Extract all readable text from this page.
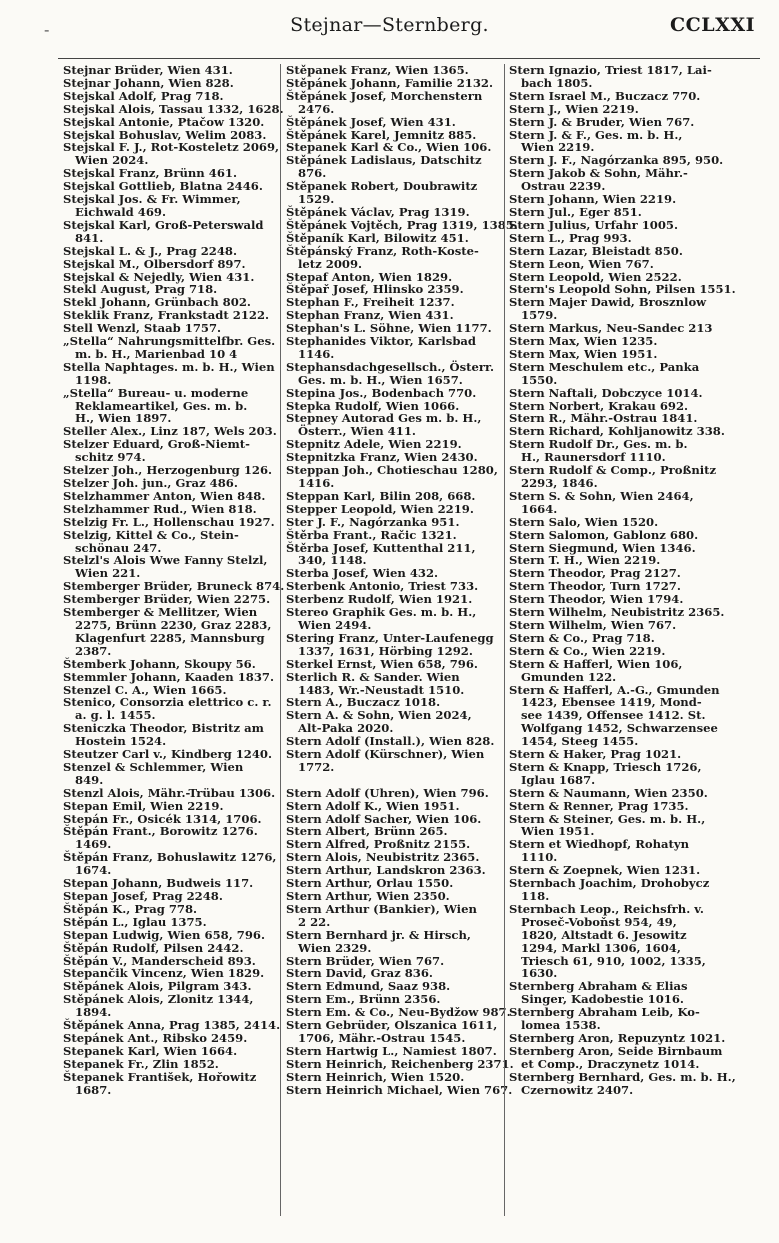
-	Stejnar—Sternberg.	CCLXXI
Stejnar Brüder, Wien 431.
Stejnar Johann, Wien 828.
Stejskal Adolf, Prag 718.
Stejskal Alois, Tassau 1332, 1628.
Stejskal Antonie, Ptačow 1320.
Stejskal Bohuslav, Welim 2083.
Stejskal F. J., Rot-Kosteletz 2069,
Wien 2024.
Stejskal Franz, Brünn 461.
Stejskal Gottlieb, Blatna 2446.
Stejskal Jos. & Fr. Wimmer,
Eichwald 469.
Stejskal Karl, Groß-Peterswald
841.
Stejskal L. & J., Prag 2248.
Stejskal M., Olbersdorf 897.
Stejskal & Nejedly, Wien 431.
Stekl August, Prag 718.
Stekl Johann, Grünbach 802.
Steklik Franz, Frankstadt 2122.
Stell Wenzl, Staab 1757.
„Stella“ Nahrungsmittelfbr. Ges.
m. b. H., Marienbad 10 4
Stella Naphtages. m. b. H., Wien
1198.
„Stella“ Bureau- u. moderne
Reklameartikel, Ges. m. b.
H., Wien 1897.
Steller Alex., Linz 187, Wels 203.
Stelzer Eduard, Groß-Niemt-
schitz 974.
Stelzer Joh., Herzogenburg 126.
Stelzer Joh. jun., Graz 486.
Stelzhammer Anton, Wien 848.
Stelzhammer Rud., Wien 818.
Stelzig Fr. L., Hollenschau 1927.
Stelzig, Kittel & Co., Stein-
schönau 247.
Stelzl's Alois Wwe Fanny Stelzl,
Wien 221.
Stemberger Brüder, Bruneck 874.
Stemberger Brüder, Wien 2275.
Stemberger & Mellitzer, Wien
2275, Brünn 2230, Graz 2283,
Klagenfurt 2285, Mannsburg
2387.
Štemberk Johann, Skoupy 56.
Stemmler Johann, Kaaden 1837.
Stenzel C. A., Wien 1665.
Stenico, Consorzia elettrico c. r.
a. g. l. 1455.
Steniczka Theodor, Bistritz am
Hostein 1524.
Steutzer Carl v., Kindberg 1240.
Stenzel & Schlemmer, Wien
849.
Stenzl Alois, Mähr.-Trübau 1306.
Stepan Emil, Wien 2219.
Stepán Fr., Osicék 1314, 1706.
Štěpán Frant., Borowitz 1276.
1469.
Štěpán Franz, Bohuslawitz 1276,
1674.
Stepan Johann, Budweis 117.
Stepan Josef, Prag 2248.
Štěpán K., Prag 778.
Stěpán L., Iglau 1375.
Stepan Ludwig, Wien 658, 796.
Štěpán Rudolf, Pilsen 2442.
Štěpán V., Manderscheid 893.
Stepančik Vincenz, Wien 1829.
Stěpánek Alois, Pilgram 343.
Stěpánek Alois, Zlonitz 1344,
1894.
Štěpánek Anna, Prag 1385, 2414.
Stepánek Ant., Ribsko 2459.
Stepanek Karl, Wien 1664.
Stepanek Fr., Zlin 1852.
Štepanek František, Hořowitz
1687.
Stěpanek Franz, Wien 1365.
Stěpánek Johann, Familie 2132.
Štěpánek Josef, Morchenstern
2476.
Štěpánek Josef, Wien 431.
Štěpánek Karel, Jemnitz 885.
Stepanek Karl & Co., Wien 106.
Stěpánek Ladislaus, Datschitz
876.
Stěpanek Robert, Doubrawitz
1529.
Štěpánek Václav, Prag 1319.
Štěpánek Vojtěch, Prag 1319, 1385.
Štěpaník Karl, Bilowitz 451.
Štěpánský Franz, Roth-Koste-
letz 2009.
Stepaf Anton, Wien 1829.
Štěpař Josef, Hlinsko 2359.
Stephan F., Freiheit 1237.
Stephan Franz, Wien 431.
Stephan's L. Söhne, Wien 1177.
Stephanides Viktor, Karlsbad
1146.
Stephansdachgesellsch., Österr.
Ges. m. b. H., Wien 1657.
Stepina Jos., Bodenbach 770.
Stepka Rudolf, Wien 1066.
Stepney Autorad Ges m. b. H.,
Österr., Wien 411.
Stepnitz Adele, Wien 2219.
Stepnitzka Franz, Wien 2430.
Steppan Joh., Chotieschau 1280,
1416.
Steppan Karl, Bilin 208, 668.
Stepper Leopold, Wien 2219.
Ster J. F., Nagórzanka 951.
Štěrba Frant., Račic 1321.
Štěrba Josef, Kuttenthal 211,
340, 1148.
Sterba Josef, Wien 432.
Sterbenk Antonio, Triest 733.
Sterbenz Rudolf, Wien 1921.
Stereo Graphik Ges. m. b. H.,
Wien 2494.
Stering Franz, Unter-Laufenegg
1337, 1631, Hörbing 1292.
Sterkel Ernst, Wien 658, 796.
Sterlich R. & Sander. Wien
1483, Wr.-Neustadt 1510.
Stern A., Buczacz 1018.
Stern A. & Sohn, Wien 2024,
Alt-Paka 2020.
Stern Adolf (Install.), Wien 828.
Stern Adolf (Kürschner), Wien
1772.

Stern Adolf (Uhren), Wien 796.
Stern Adolf K., Wien 1951.
Stern Adolf Sacher, Wien 106.
Stern Albert, Brünn 265.
Stern Alfred, Proßnitz 2155.
Stern Alois, Neubistritz 2365.
Stern Arthur, Landskron 2363.
Stern Arthur, Orlau 1550.
Stern Arthur, Wien 2350.
Stern Arthur (Bankier), Wien
2 22.
Stern Bernhard jr. & Hirsch,
Wien 2329.
Stern Brüder, Wien 767.
Stern David, Graz 836.
Stern Edmund, Saaz 938.
Stern Em., Brünn 2356.
Stern Em. & Co., Neu-Bydžow 987.
Stern Gebrüder, Olszanica 1611,
1706, Mähr.-Ostrau 1545.
Stern Hartwig L., Namiest 1807.
Stern Heinrich, Reichenberg 2371.
Stern Heinrich, Wien 1520.
Stern Heinrich Michael, Wien 767.
Stern Ignazio, Triest 1817, Lai-
bach 1805.
Stern Israel M., Buczacz 770.
Stern J., Wien 2219.
Stern J. & Bruder, Wien 767.
Stern J. & F., Ges. m. b. H.,
Wien 2219.
Stern J. F., Nagórzanka 895, 950.
Stern Jakob & Sohn, Mähr.-
Ostrau 2239.
Stern Johann, Wien 2219.
Stern Jul., Eger 851.
Stern Julius, Urfahr 1005.
Stern L., Prag 993.
Stern Lazar, Bleistadt 850.
Stern Leon, Wien 767.
Stern Leopold, Wien 2522.
Stern's Leopold Sohn, Pilsen 1551.
Stern Majer Dawid, Brosznlow
1579.
Stern Markus, Neu-Sandec 213
Stern Max, Wien 1235.
Stern Max, Wien 1951.
Stern Meschulem etc., Panka
1550.
Stern Naftali, Dobczyce 1014.
Stern Norbert, Krakau 692.
Stern R., Mähr.-Ostrau 1841.
Stern Richard, Kohljanowitz 338.
Stern Rudolf Dr., Ges. m. b.
H., Raunersdorf 1110.
Stern Rudolf & Comp., Proßnitz
2293, 1846.
Stern S. & Sohn, Wien 2464,
1664.
Stern Salo, Wien 1520.
Stern Salomon, Gablonz 680.
Stern Siegmund, Wien 1346.
Stern T. H., Wien 2219.
Stern Theodor, Prag 2127.
Stern Theodor, Turn 1727.
Stern Theodor, Wien 1794.
Stern Wilhelm, Neubistritz 2365.
Stern Wilhelm, Wien 767.
Stern & Co., Prag 718.
Stern & Co., Wien 2219.
Stern & Hafferl, Wien 106,
Gmunden 122.
Stern & Hafferl, A.-G., Gmunden
1423, Ebensee 1419, Mond-
see 1439, Offensee 1412. St.
Wolfgang 1452, Schwarzensee
1454, Steeg 1455.
Stern & Haker, Prag 1021.
Stern & Knapp, Triesch 1726,
Iglau 1687.
Stern & Naumann, Wien 2350.
Stern & Renner, Prag 1735.
Stern & Steiner, Ges. m. b. H.,
Wien 1951.
Stern et Wiedhopf, Rohatyn
1110.
Stern & Zoepnek, Wien 1231.
Sternbach Joachim, Drohobycz
118.
Sternbach Leop., Reichsfrh. v.
Proseč-Voboňst 954, 49,
1820, Altstadt 6. Jesowitz
1294, Markl 1306, 1604,
Triesch 61, 910, 1002, 1335,
1630.
Sternberg Abraham & Elias
Singer, Kadobestie 1016.
Sternberg Abraham Leib, Ko-
lomea 1538.
Sternberg Aron, Repuzyntz 1021.
Sternberg Aron, Seide Birnbaum
et Comp., Draczynetz 1014.
Sternberg Bernhard, Ges. m. b. H.,
Czernowitz 2407.
